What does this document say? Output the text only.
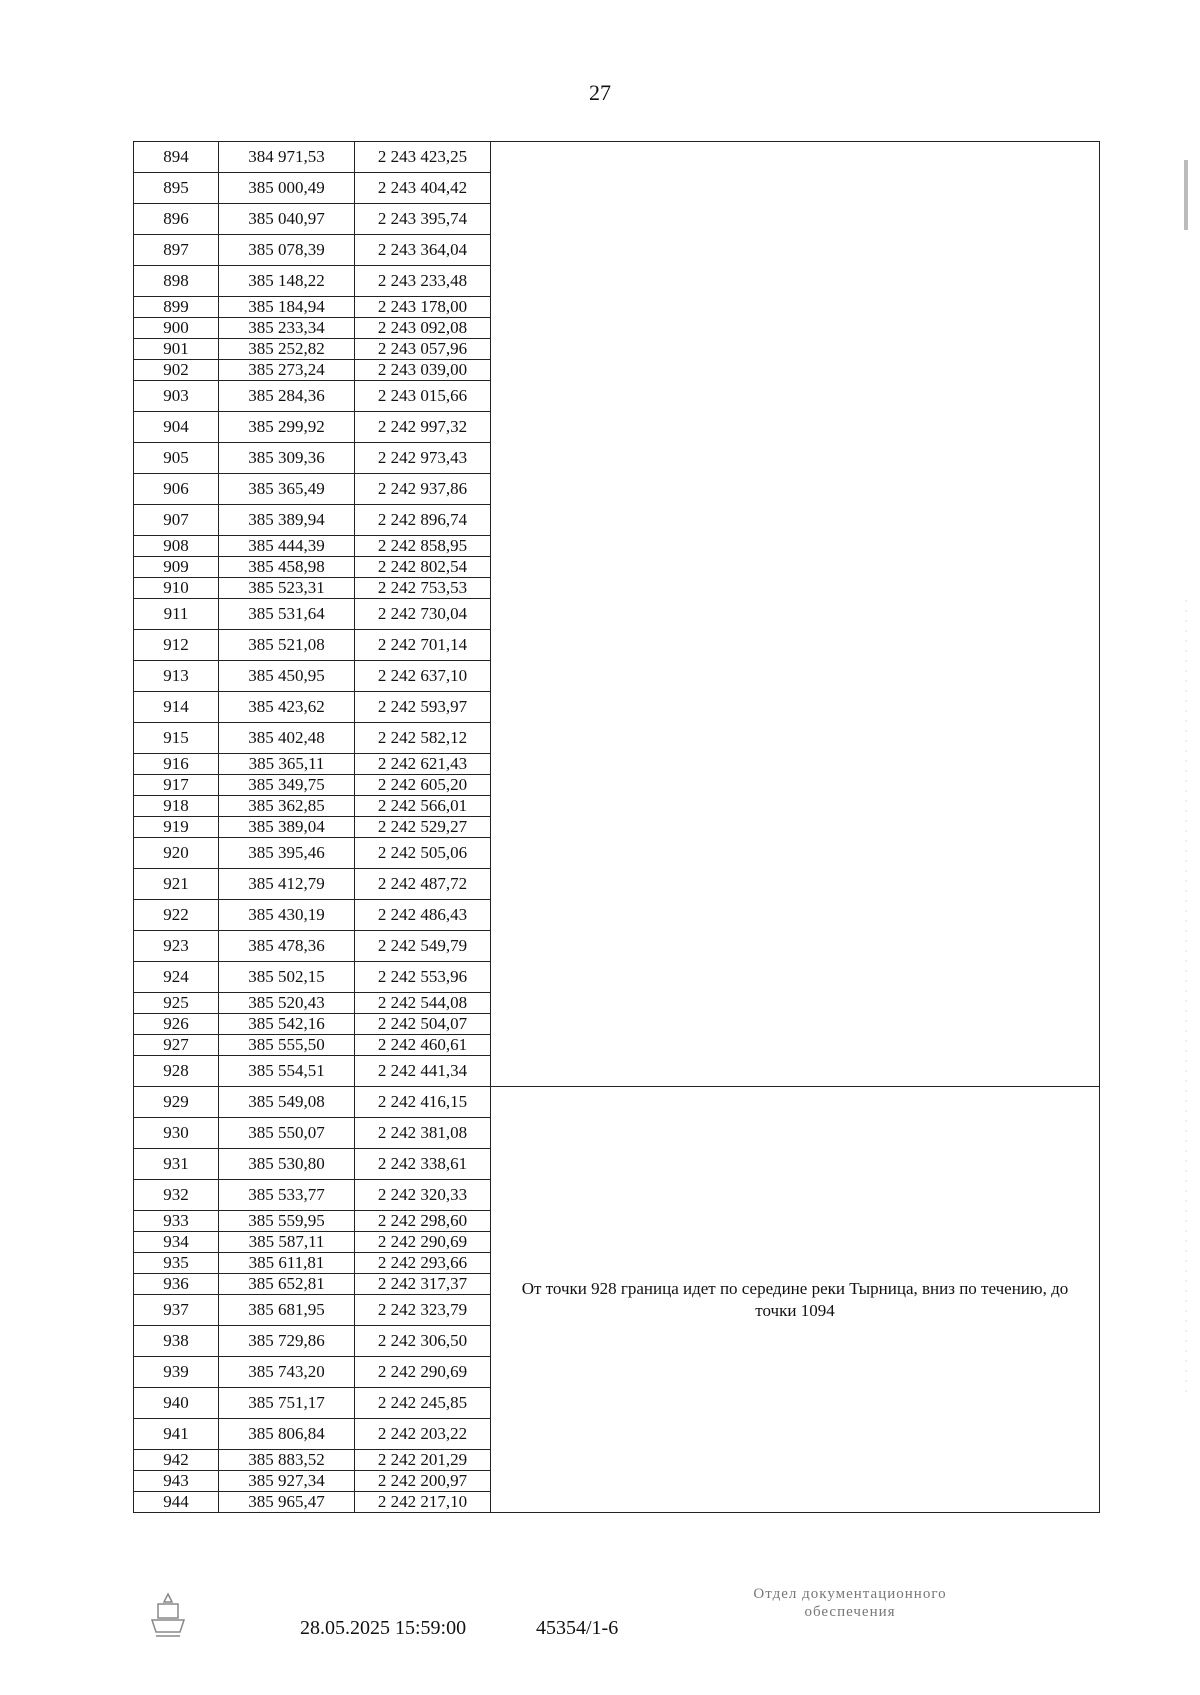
27
894	384 971,53	2 243 423,25	
895	385 000,49	2 243 404,42	
896	385 040,97	2 243 395,74	
897	385 078,39	2 243 364,04	
898	385 148,22	2 243 233,48	
899	385 184,94	2 243 178,00	
900	385 233,34	2 243 092,08	
901	385 252,82	2 243 057,96	
902	385 273,24	2 243 039,00	
903	385 284,36	2 243 015,66	
904	385 299,92	2 242 997,32	
905	385 309,36	2 242 973,43	
906	385 365,49	2 242 937,86	
907	385 389,94	2 242 896,74	
908	385 444,39	2 242 858,95	
909	385 458,98	2 242 802,54	
910	385 523,31	2 242 753,53	
911	385 531,64	2 242 730,04	
912	385 521,08	2 242 701,14	
913	385 450,95	2 242 637,10	
914	385 423,62	2 242 593,97	
915	385 402,48	2 242 582,12	
916	385 365,11	2 242 621,43	
917	385 349,75	2 242 605,20	
918	385 362,85	2 242 566,01	
919	385 389,04	2 242 529,27	
920	385 395,46	2 242 505,06	
921	385 412,79	2 242 487,72	
922	385 430,19	2 242 486,43	
923	385 478,36	2 242 549,79	
924	385 502,15	2 242 553,96	
925	385 520,43	2 242 544,08	
926	385 542,16	2 242 504,07	
927	385 555,50	2 242 460,61	
928	385 554,51	2 242 441,34	
929	385 549,08	2 242 416,15	От точки 928 граница идет по середине реки Тырница, вниз по течению, до точки 1094
930	385 550,07	2 242 381,08	
931	385 530,80	2 242 338,61	
932	385 533,77	2 242 320,33	
933	385 559,95	2 242 298,60	
934	385 587,11	2 242 290,69	
935	385 611,81	2 242 293,66	
936	385 652,81	2 242 317,37	
937	385 681,95	2 242 323,79	
938	385 729,86	2 242 306,50	
939	385 743,20	2 242 290,69	
940	385 751,17	2 242 245,85	
941	385 806,84	2 242 203,22	
942	385 883,52	2 242 201,29	
943	385 927,34	2 242 200,97	
944	385 965,47	2 242 217,10	
28.05.2025 15:59:00	45354/1-6
Отдел документационного
обеспечения
